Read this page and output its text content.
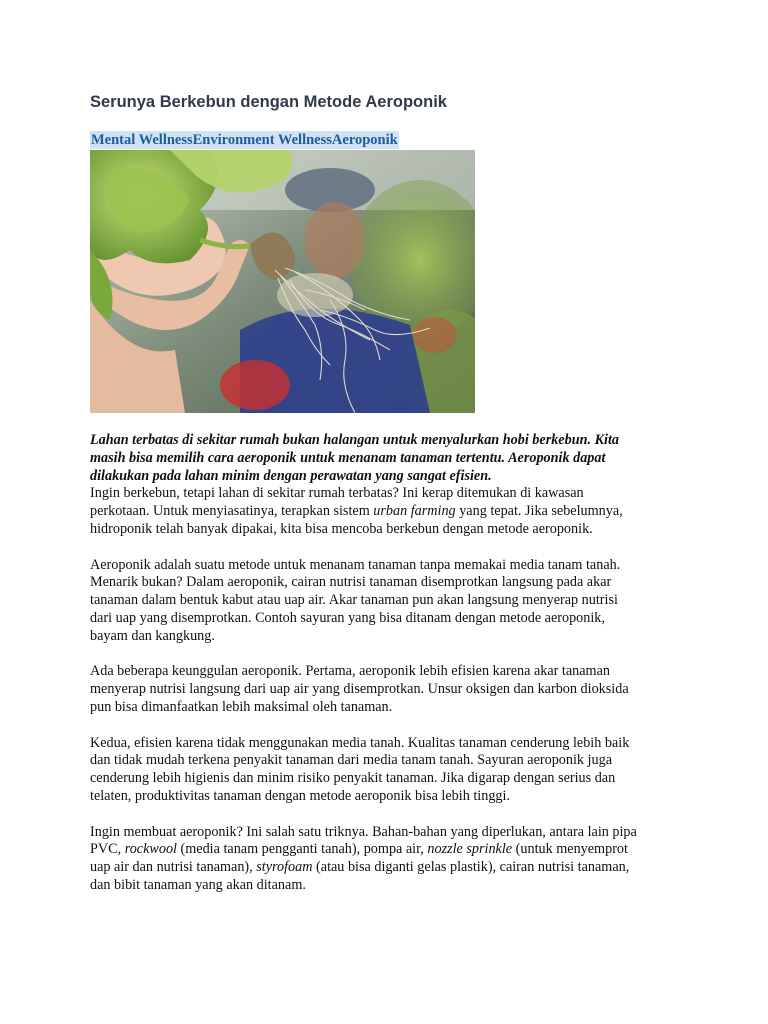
Serunya Berkebun dengan Metode Aeroponik
Mental WellnessEnvironment WellnessAeroponik

Lahan terbatas di sekitar rumah bukan halangan untuk menyalurkan hobi berkebun. Kita
masih bisa memilih cara aeroponik untuk menanam tanaman tertentu. Aeroponik dapat
dilakukan pada lahan minim dengan perawatan yang sangat efisien.

Ingin berkebun, tetapi lahan di sekitar rumah terbatas? Ini kerap ditemukan di kawasan
perkotaan. Untuk menyiasatinya, terapkan sistem urban farming yang tepat. Jika sebelumnya,
hidroponik telah banyak dipakai, kita bisa mencoba berkebun dengan metode aeroponik.

Aeroponik adalah suatu metode untuk menanam tanaman tanpa memakai media tanam tanah.
Menarik bukan? Dalam aeroponik, cairan nutrisi tanaman disemprotkan langsung pada akar
tanaman dalam bentuk kabut atau uap air. Akar tanaman pun akan langsung menyerap nutrisi
dari uap yang disemprotkan. Contoh sayuran yang bisa ditanam dengan metode aeroponik,
bayam dan kangkung.

Ada beberapa keunggulan aeroponik. Pertama, aeroponik lebih efisien karena akar tanaman
menyerap nutrisi langsung dari uap air yang disemprotkan. Unsur oksigen dan karbon dioksida
pun bisa dimanfaatkan lebih maksimal oleh tanaman.

Kedua, efisien karena tidak menggunakan media tanah. Kualitas tanaman cenderung lebih baik
dan tidak mudah terkena penyakit tanaman dari media tanam tanah. Sayuran aeroponik juga
cenderung lebih higienis dan minim risiko penyakit tanaman. Jika digarap dengan serius dan
telaten, produktivitas tanaman dengan metode aeroponik bisa lebih tinggi.

Ingin membuat aeroponik? Ini salah satu triknya. Bahan-bahan yang diperlukan, antara lain pipa
PVC, rockwool (media tanam pengganti tanah), pompa air, nozzle sprinkle (untuk menyemprot
uap air dan nutrisi tanaman), styrofoam (atau bisa diganti gelas plastik), cairan nutrisi tanaman,
dan bibit tanaman yang akan ditanam.
